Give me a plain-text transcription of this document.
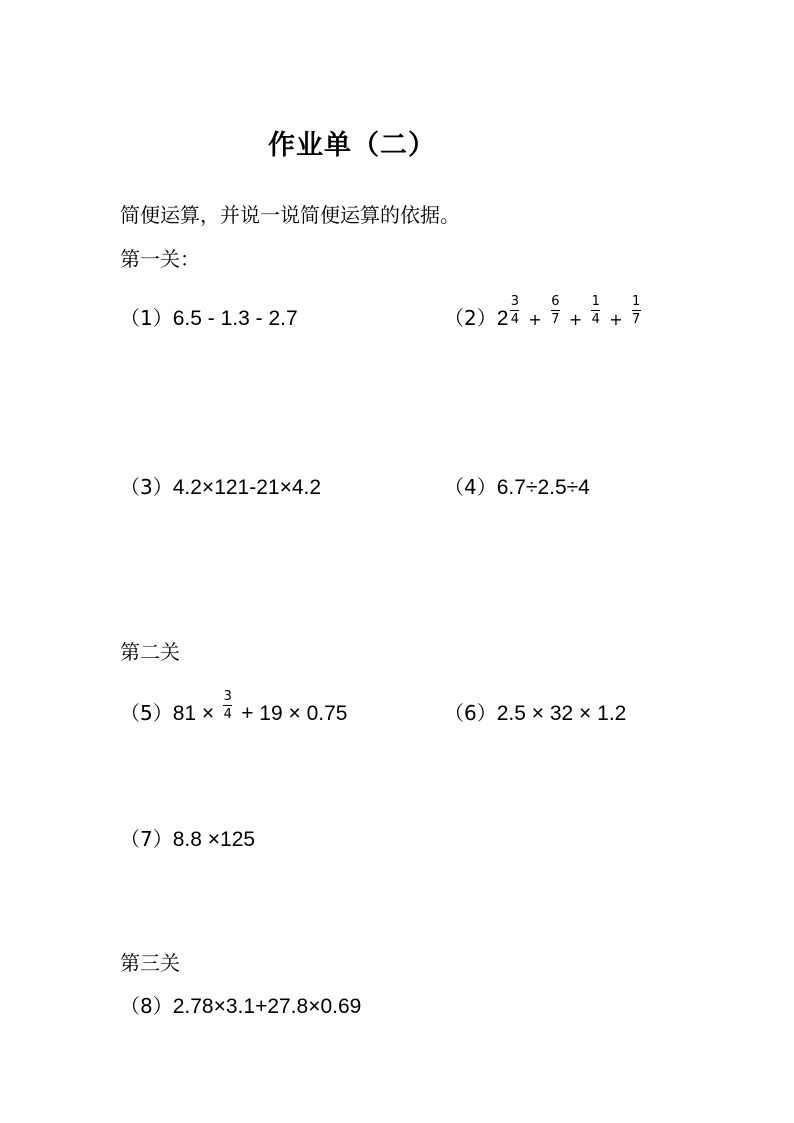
作业单（二）
简便运算，并说一说简便运算的依据。
第一关：
（1）6.5 - 1.3 - 2.7	$(2)2 \frac{3}{4} + \frac{6}{7} + \frac{1}{4} + \frac{1}{7}$
（3）4.2×121-21×4.2	（4）6.7÷2.5÷4
第二关
$(5)81 \times \frac{3}{4} + 19 \times 0.75$	（6）2.5 × 32 × 1.2
（7）8.8 ×125
第三关
（8）2.78×3.1+27.8×0.69
